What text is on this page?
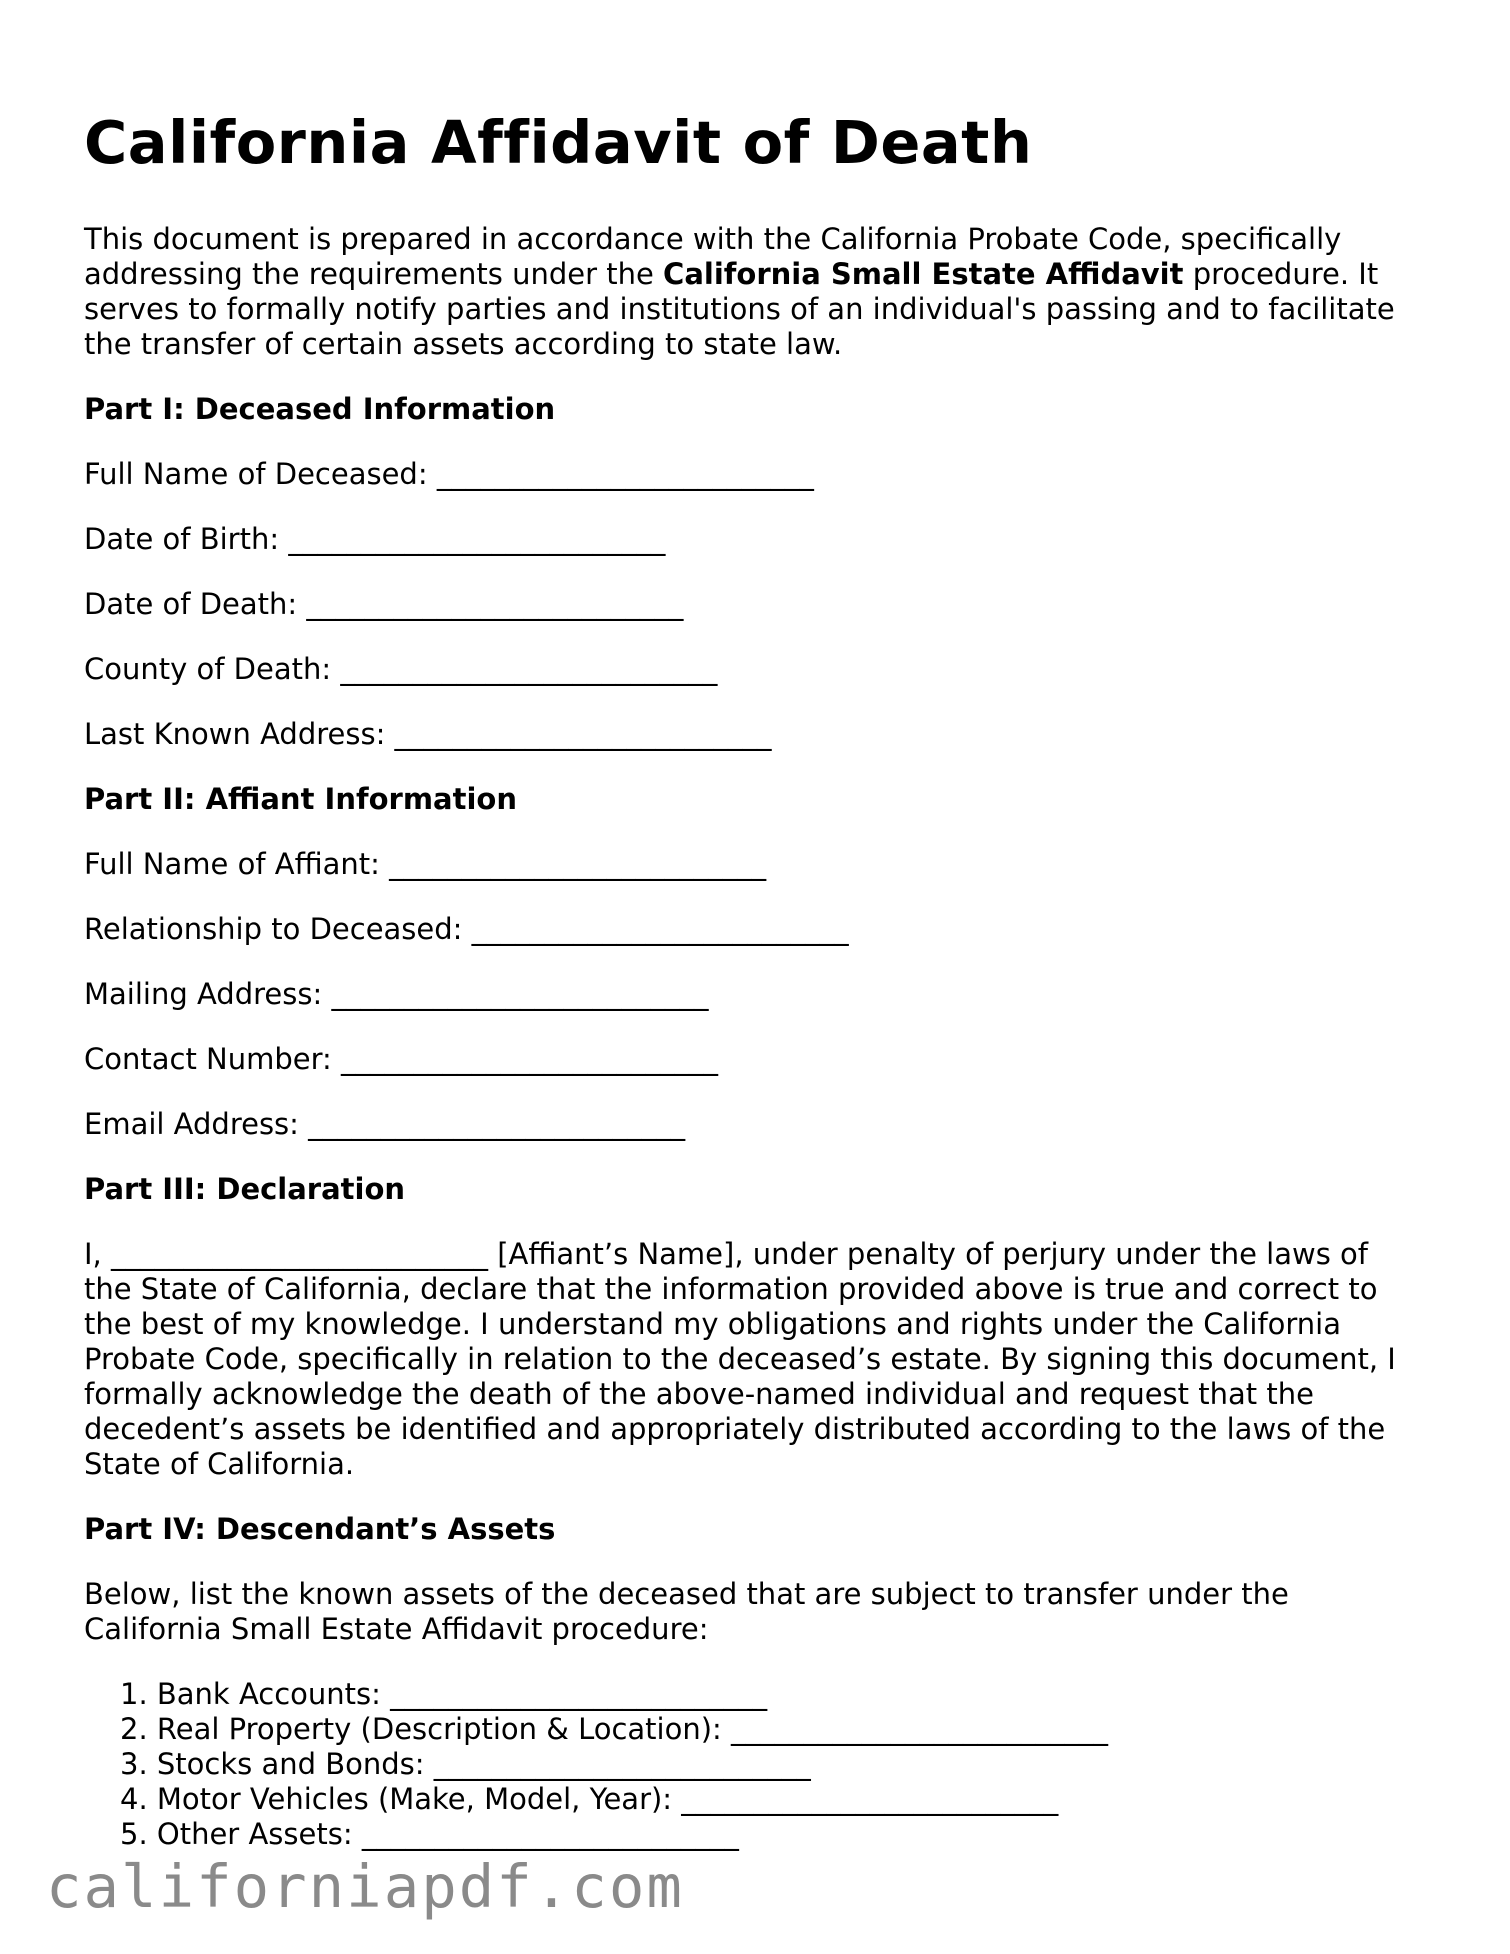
California Affidavit of Death

This document is prepared in accordance with the California Probate Code, specifically addressing the requirements under the California Small Estate Affidavit procedure. It serves to formally notify parties and institutions of an individual's passing and to facilitate the transfer of certain assets according to state law.

Part I: Deceased Information
Full Name of Deceased: __________________________
Date of Birth: __________________________
Date of Death: __________________________
County of Death: __________________________
Last Known Address: __________________________
Part II: Affiant Information
Full Name of Affiant: __________________________
Relationship to Deceased: __________________________
Mailing Address: __________________________
Contact Number: __________________________
Email Address: __________________________
Part III: Declaration

I, __________________________ [Affiant’s Name], under penalty of perjury under the laws of the State of California, declare that the information provided above is true and correct to the best of my knowledge. I understand my obligations and rights under the California Probate Code, specifically in relation to the deceased’s estate. By signing this document, I formally acknowledge the death of the above-named individual and request that the decedent’s assets be identified and appropriately distributed according to the laws of the State of California.

Part IV: Descendant’s Assets

Below, list the known assets of the deceased that are subject to transfer under the California Small Estate Affidavit procedure:

1. Bank Accounts: __________________________
2. Real Property (Description & Location): __________________________
3. Stocks and Bonds: __________________________
4. Motor Vehicles (Make, Model, Year): __________________________
5. Other Assets: __________________________
californiapdf.com
